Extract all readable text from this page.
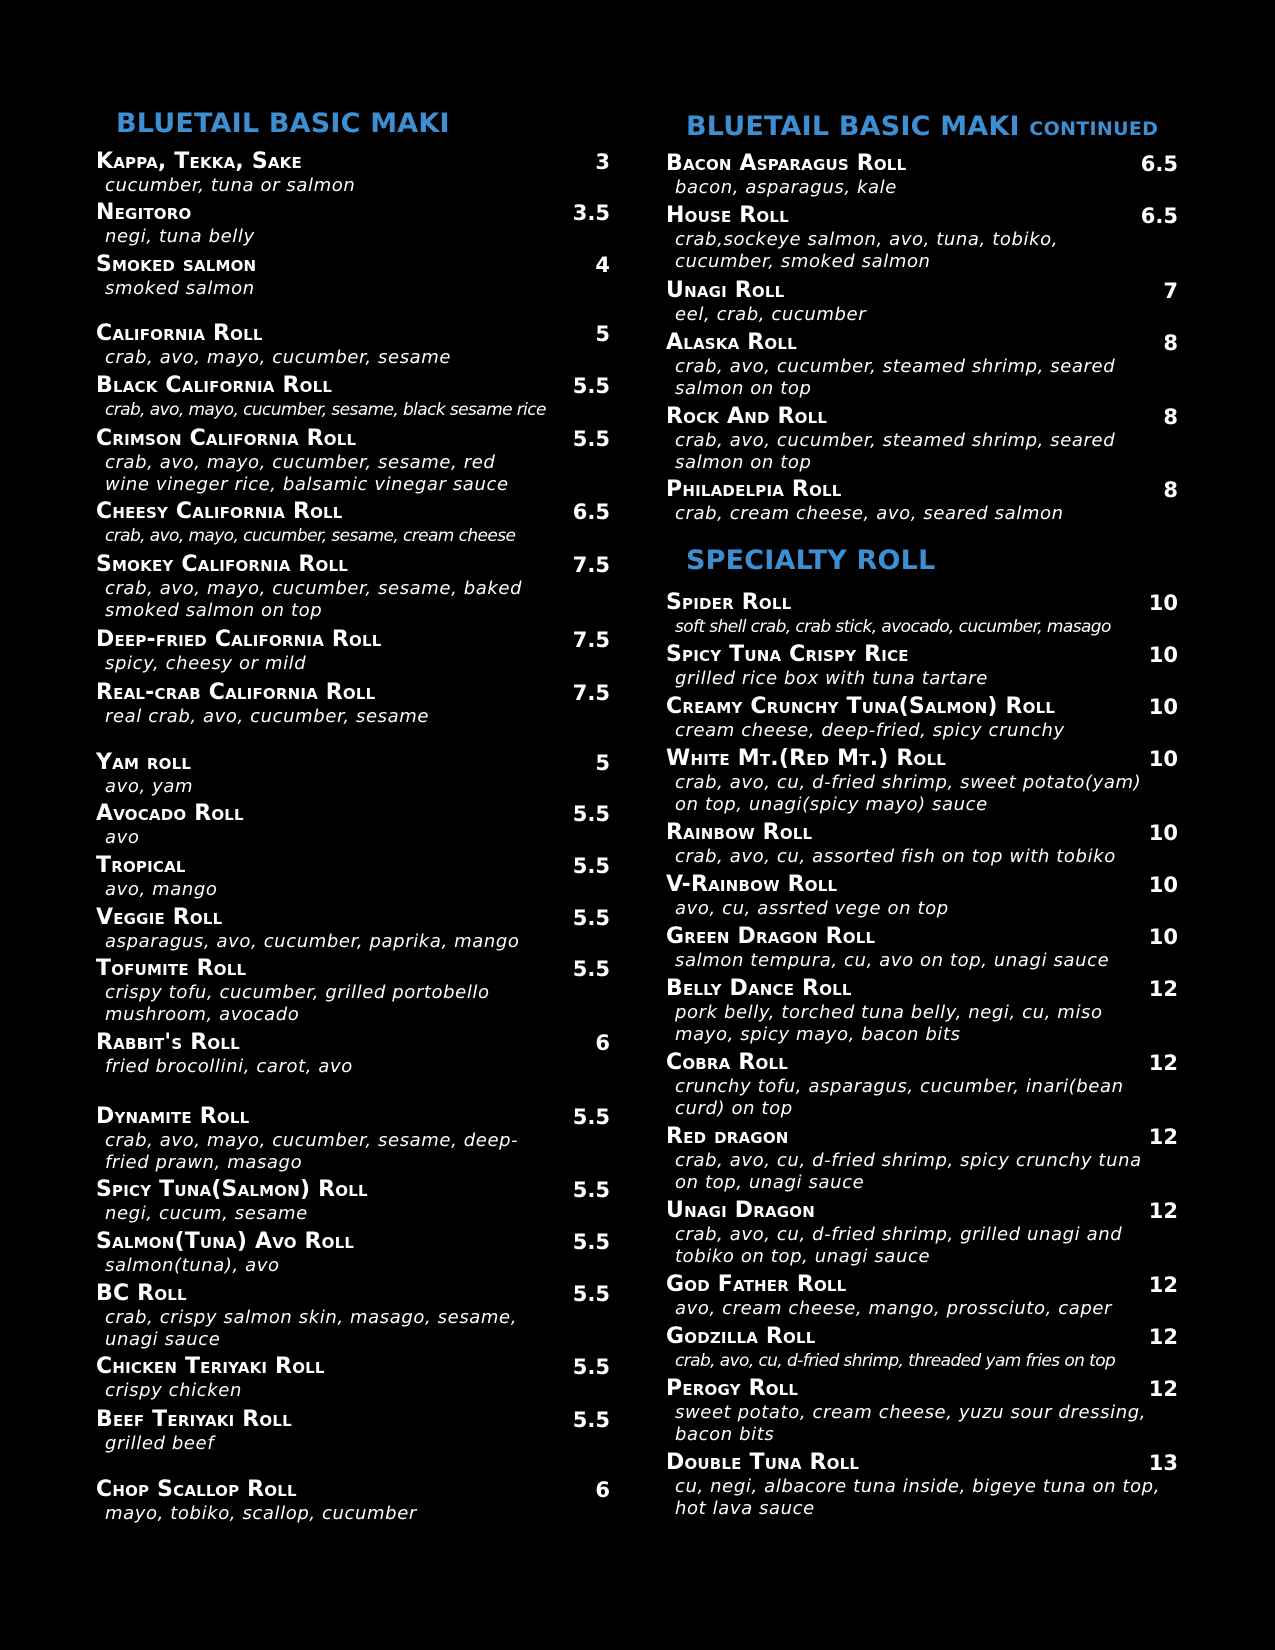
BLUETAIL BASIC MAKI
Kappa, Tekka, Sake	3
cucumber, tuna or salmon
Negitoro	3.5
negi, tuna belly
Smoked salmon	4
smoked salmon
California Roll	5
crab, avo, mayo, cucumber, sesame
Black California Roll	5.5
crab, avo, mayo, cucumber, sesame, black sesame rice
Crimson California Roll	5.5
crab, avo, mayo, cucumber, sesame, red
wine vineger rice, balsamic vinegar sauce
Cheesy California Roll	6.5
crab, avo, mayo, cucumber, sesame, cream cheese
Smokey California Roll	7.5
crab, avo, mayo, cucumber, sesame, baked
smoked salmon on top
Deep-fried California Roll	7.5
spicy, cheesy or mild
Real-crab California Roll	7.5
real crab, avo, cucumber, sesame
Yam roll	5
avo, yam
Avocado Roll	5.5
avo
Tropical	5.5
avo, mango
Veggie Roll	5.5
asparagus, avo, cucumber, paprika, mango
Tofumite Roll	5.5
crispy tofu, cucumber, grilled portobello
mushroom, avocado
Rabbit's Roll	6
fried brocollini, carot, avo
Dynamite Roll	5.5
crab, avo, mayo, cucumber, sesame, deep-
fried prawn, masago
Spicy Tuna(Salmon) Roll	5.5
negi, cucum, sesame
Salmon(Tuna) Avo Roll	5.5
salmon(tuna), avo
BC Roll	5.5
crab, crispy salmon skin, masago, sesame,
unagi sauce
Chicken Teriyaki Roll	5.5
crispy chicken
Beef Teriyaki Roll	5.5
grilled beef
Chop Scallop Roll	6
mayo, tobiko, scallop, cucumber
BLUETAIL BASIC MAKI CONTINUED
Bacon Asparagus Roll	6.5
bacon, asparagus, kale
House Roll	6.5
crab,sockeye salmon, avo, tuna, tobiko,
cucumber, smoked salmon
Unagi Roll	7
eel, crab, cucumber
Alaska Roll	8
crab, avo, cucumber, steamed shrimp, seared
salmon on top
Rock And Roll	8
crab, avo, cucumber, steamed shrimp, seared
salmon on top
Philadelpia Roll	8
crab, cream cheese, avo, seared salmon
SPECIALTY ROLL
Spider Roll	10
soft shell crab, crab stick, avocado, cucumber, masago
Spicy Tuna Crispy Rice	10
grilled rice box with tuna tartare
Creamy Crunchy Tuna(Salmon) Roll	10
cream cheese, deep-fried, spicy crunchy
White Mt.(Red Mt.) Roll	10
crab, avo, cu, d-fried shrimp, sweet potato(yam)
on top, unagi(spicy mayo) sauce
Rainbow Roll	10
crab, avo, cu, assorted fish on top with tobiko
V-Rainbow Roll	10
avo, cu, assrted vege on top
Green Dragon Roll	10
salmon tempura, cu, avo on top, unagi sauce
Belly Dance Roll	12
pork belly, torched tuna belly, negi, cu, miso
mayo, spicy mayo, bacon bits
Cobra Roll	12
crunchy tofu, asparagus, cucumber, inari(bean
curd) on top
Red dragon	12
crab, avo, cu, d-fried shrimp, spicy crunchy tuna
on top, unagi sauce
Unagi Dragon	12
crab, avo, cu, d-fried shrimp, grilled unagi and
tobiko on top, unagi sauce
God Father Roll	12
avo, cream cheese, mango, prossciuto, caper
Godzilla Roll	12
crab, avo, cu, d-fried shrimp, threaded yam fries on top
Perogy Roll	12
sweet potato, cream cheese, yuzu sour dressing,
bacon bits
Double Tuna Roll	13
cu, negi, albacore tuna inside, bigeye tuna on top,
hot lava sauce
